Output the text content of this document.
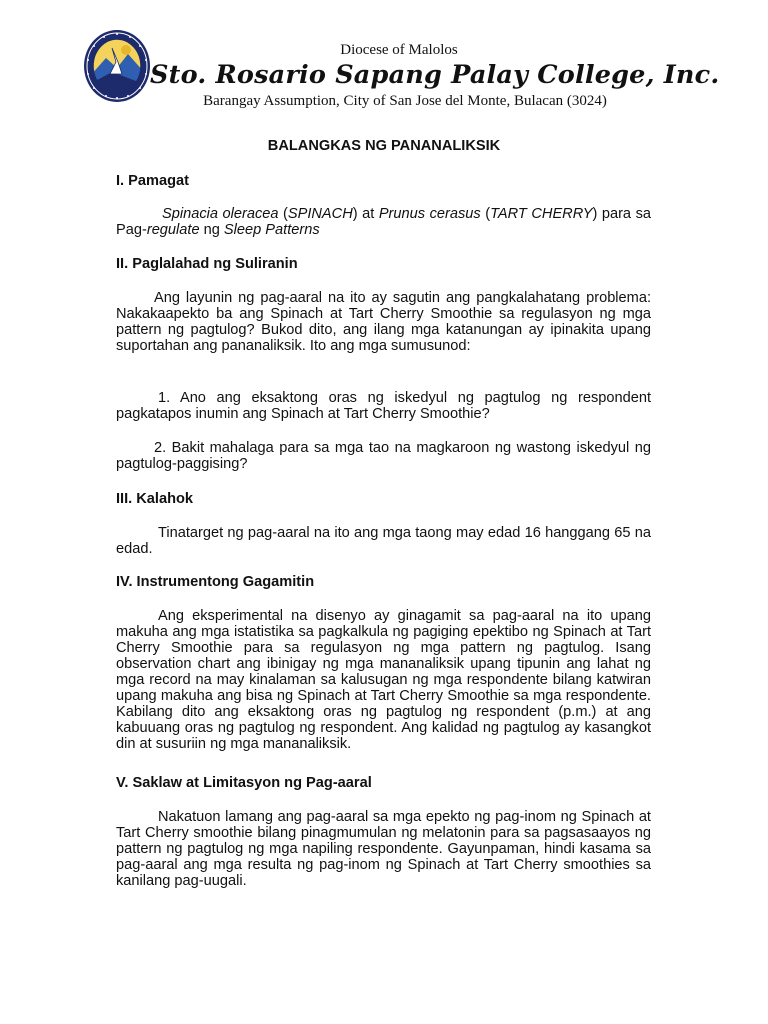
Diocese of Malolos
Sto. Rosario Sapang Palay College, Inc.
Barangay Assumption, City of San Jose del Monte, Bulacan (3024)
BALANGKAS NG PANANALIKSIK
I. Pamagat
Spinacia oleracea (SPINACH) at Prunus cerasus (TART CHERRY) para sa Pag-regulate ng Sleep Patterns
II. Paglalahad ng Suliranin
Ang layunin ng pag-aaral na ito ay sagutin ang pangkalahatang problema: Nakakaapekto ba ang Spinach at Tart Cherry Smoothie sa regulasyon ng mga pattern ng pagtulog? Bukod dito, ang ilang mga katanungan ay ipinakita upang suportahan ang pananaliksik. Ito ang mga sumusunod:
1. Ano ang eksaktong oras ng iskedyul ng pagtulog ng respondent pagkatapos inumin ang Spinach at Tart Cherry Smoothie?
2. Bakit mahalaga para sa mga tao na magkaroon ng wastong iskedyul ng pagtulog-paggising?
III. Kalahok
Tinatarget ng pag-aaral na ito ang mga taong may edad 16 hanggang 65 na edad.
IV. Instrumentong Gagamitin
Ang eksperimental na disenyo ay ginagamit sa pag-aaral na ito upang makuha ang mga istatistika sa pagkalkula ng pagiging epektibo ng Spinach at Tart Cherry Smoothie para sa regulasyon ng mga pattern ng pagtulog. Isang observation chart ang ibinigay ng mga mananaliksik upang tipunin ang lahat ng mga record na may kinalaman sa kalusugan ng mga respondente bilang katwiran upang makuha ang bisa ng Spinach at Tart Cherry Smoothie sa mga respondente. Kabilang dito ang eksaktong oras ng pagtulog ng respondent (p.m.) at ang kabuuang oras ng pagtulog ng respondent. Ang kalidad ng pagtulog ay kasangkot din at susuriin ng mga mananaliksik.
V. Saklaw at Limitasyon ng Pag-aaral
Nakatuon lamang ang pag-aaral sa mga epekto ng pag-inom ng Spinach at Tart Cherry smoothie bilang pinagmumulan ng melatonin para sa pagsasaayos ng pattern ng pagtulog ng mga napiling respondente. Gayunpaman, hindi kasama sa pag-aaral ang mga resulta ng pag-inom ng Spinach at Tart Cherry smoothies sa kanilang pag-uugali.
